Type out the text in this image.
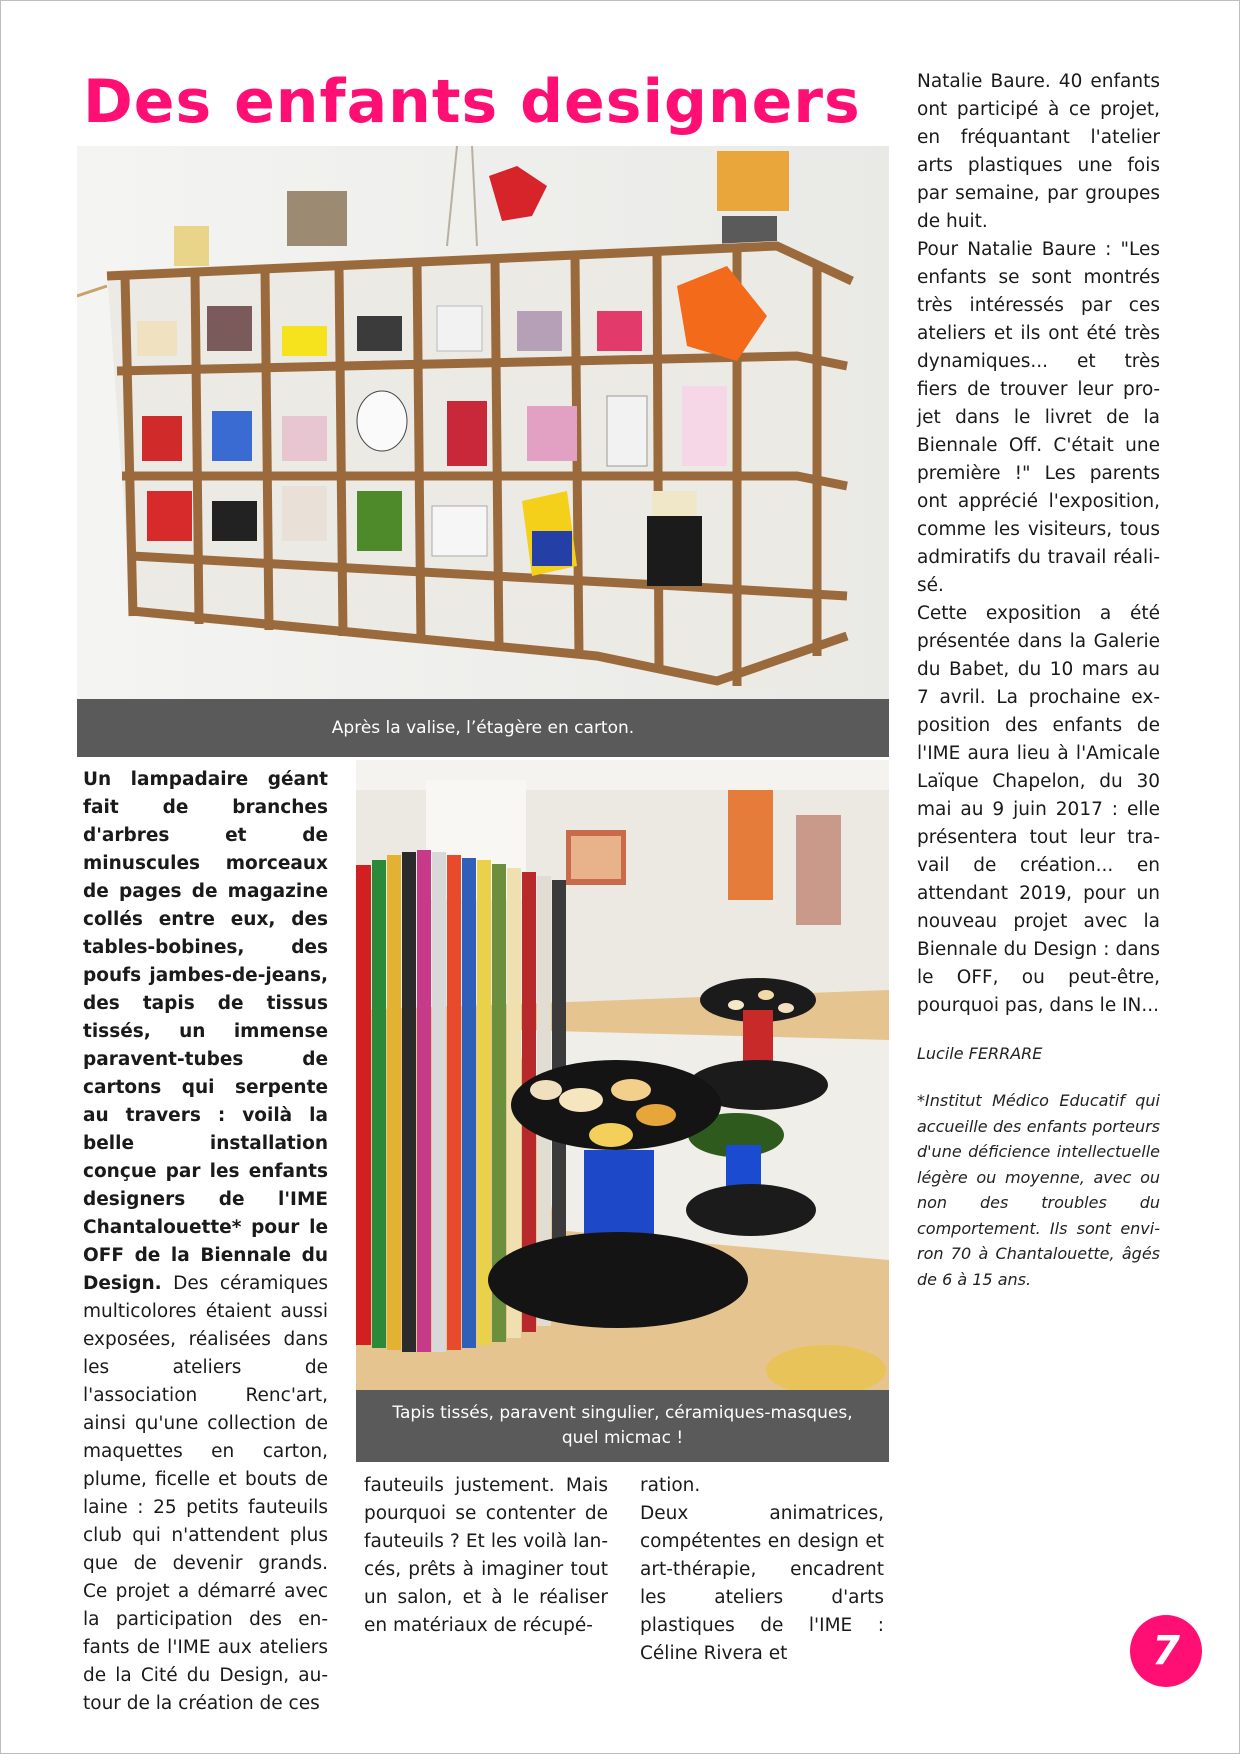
Des enfants designers
Après la valise, l’étagère en carton.
Tapis tissés, paravent singulier, céramiques-masques, quel micmac !

Un lampadaire géant fait de branches d'arbres et de minuscules morceaux de pages de magazine collés entre eux, des tables-bobines, des poufs jambes-de-jeans, des tapis de tissus tissés, un immense paravent-tubes de cartons qui serpente au travers : voilà la belle installation conçue par les enfants designers de l'IME Chantalouette* pour le OFF de la Biennale du Design. Des céramiques multicolores étaient aussi exposées, réalisées dans les ateliers de l'association Renc'art, ainsi qu'une collection de maquettes en carton, plume, ficelle et bouts de laine : 25 petits fauteuils club qui n'attendent plus que de devenir grands. Ce projet a démarré avec la participation des enfants de l'IME aux ateliers de la Cité du Design, autour de la création de ces

fauteuils justement. Mais pourquoi se contenter de fauteuils ? Et les voilà lancés, prêts à imaginer tout un salon, et à le réaliser en matériaux de récupé-

ration.

Deux animatrices, compétentes en design et art-thérapie, encadrent les ateliers d'arts plastiques de l'IME : Céline Rivera et

Natalie Baure. 40 enfants ont participé à ce projet, en fréquantant l'atelier arts plastiques une fois par semaine, par groupes de huit.

Pour Natalie Baure : "Les enfants se sont montrés très intéressés par ces ateliers et ils ont été très dynamiques... et très fiers de trouver leur projet dans le livret de la Biennale Off. C'était une première !" Les parents ont apprécié l'exposition, comme les visiteurs, tous admiratifs du travail réalisé.

Cette exposition a été présentée dans la Galerie du Babet, du 10 mars au 7 avril. La prochaine exposition des enfants de l'IME aura lieu à l'Amicale Laïque Chapelon, du 30 mai au 9 juin 2017 : elle présentera tout leur travail de création... en attendant 2019, pour un nouveau projet avec la Biennale du Design : dans le OFF, ou peut-être, pourquoi pas, dans le IN...

Lucile FERRARE

*Institut Médico Educatif qui accueille des enfants porteurs d'une déficience intellectuelle légère ou moyenne, avec ou non des troubles du comportement. Ils sont environ 70 à Chantalouette, âgés de 6 à 15 ans.

7
